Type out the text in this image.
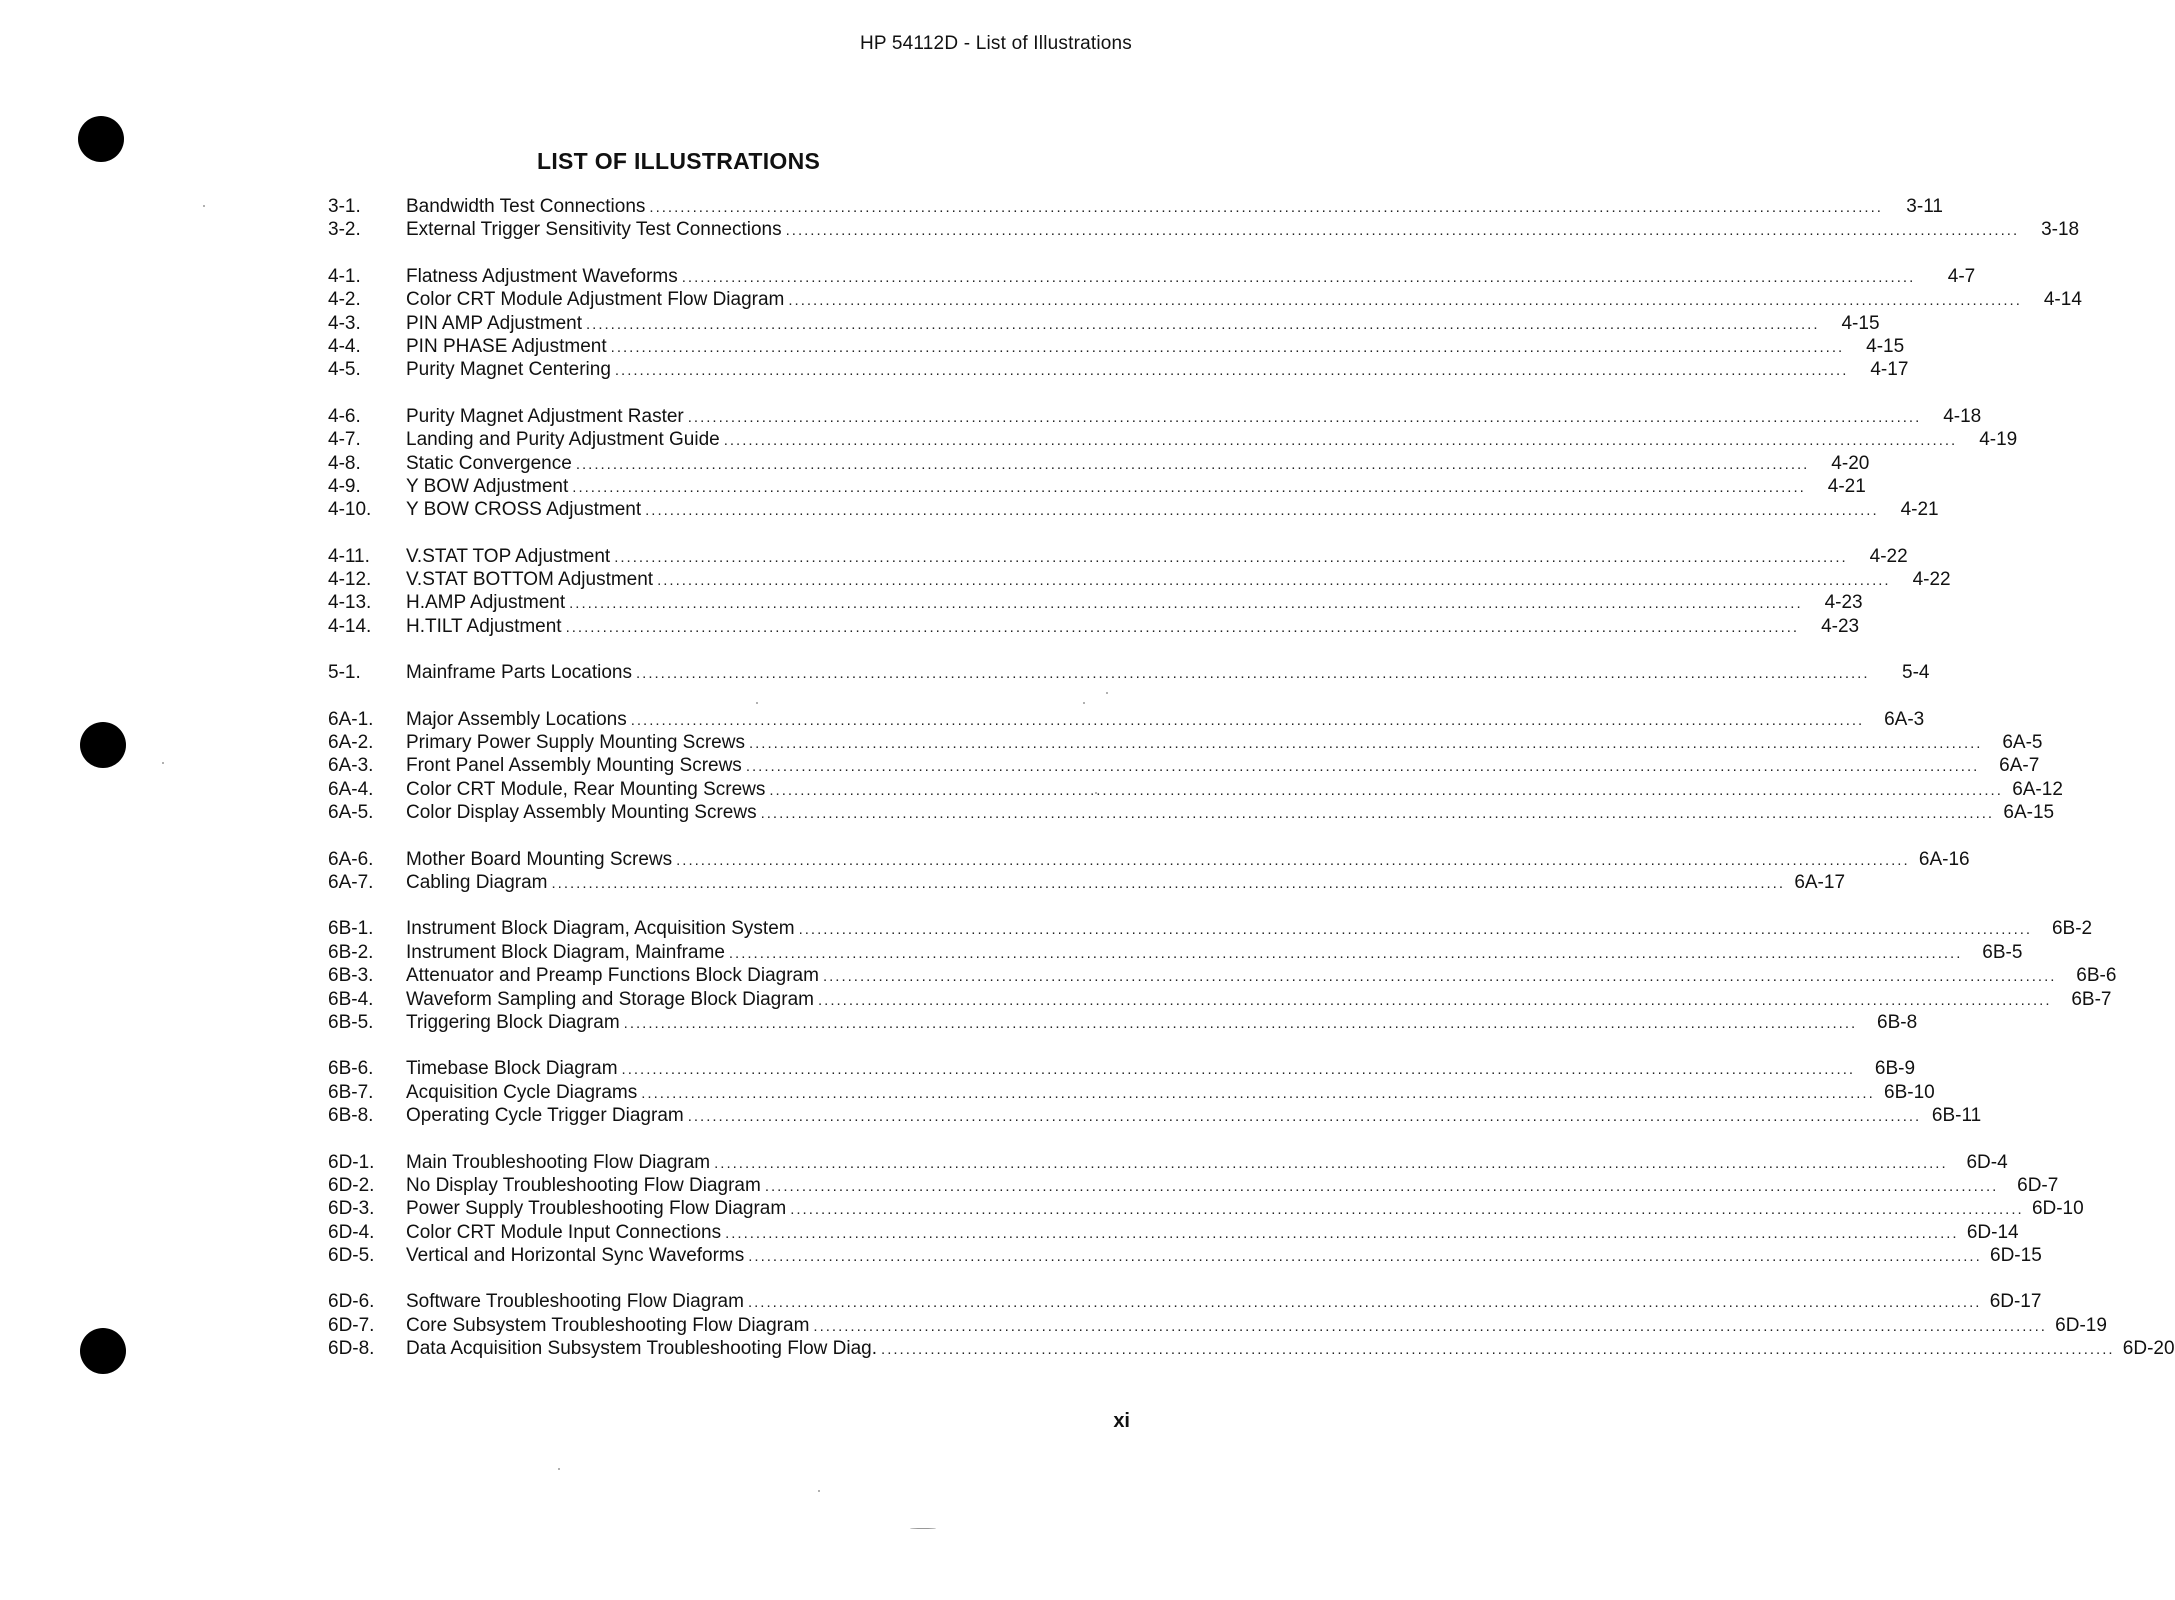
HP 54112D - List of Illustrations
LIST OF ILLUSTRATIONS
3-1.	Bandwidth Test Connections ........................................................................................................................................................................................................	3-11
3-2.	External Trigger Sensitivity Test Connections ........................................................................................................................................................................................................	3-18
4-1.	Flatness Adjustment Waveforms ........................................................................................................................................................................................................	4-7
4-2.	Color CRT Module Adjustment Flow Diagram ........................................................................................................................................................................................................	4-14
4-3.	PIN AMP Adjustment ........................................................................................................................................................................................................	4-15
4-4.	PIN PHASE Adjustment ........................................................................................................................................................................................................	4-15
4-5.	Purity Magnet Centering ........................................................................................................................................................................................................	4-17
4-6.	Purity Magnet Adjustment Raster ........................................................................................................................................................................................................	4-18
4-7.	Landing and Purity Adjustment Guide ........................................................................................................................................................................................................	4-19
4-8.	Static Convergence ........................................................................................................................................................................................................	4-20
4-9.	Y BOW Adjustment ........................................................................................................................................................................................................	4-21
4-10.	Y BOW CROSS Adjustment ........................................................................................................................................................................................................	4-21
4-11.	V.STAT TOP Adjustment ........................................................................................................................................................................................................	4-22
4-12.	V.STAT BOTTOM Adjustment ........................................................................................................................................................................................................	4-22
4-13.	H.AMP Adjustment ........................................................................................................................................................................................................	4-23
4-14.	H.TILT Adjustment ........................................................................................................................................................................................................	4-23
5-1.	Mainframe Parts Locations ........................................................................................................................................................................................................	5-4
6A-1.	Major Assembly Locations ........................................................................................................................................................................................................	6A-3
6A-2.	Primary Power Supply Mounting Screws ........................................................................................................................................................................................................	6A-5
6A-3.	Front Panel Assembly Mounting Screws ........................................................................................................................................................................................................	6A-7
6A-4.	Color CRT Module, Rear Mounting Screws ........................................................................................................................................................................................................ 6A-12
6A-5.	Color Display Assembly Mounting Screws ........................................................................................................................................................................................................ 6A-15
6A-6.	Mother Board Mounting Screws ........................................................................................................................................................................................................ 6A-16
6A-7.	Cabling Diagram ........................................................................................................................................................................................................ 6A-17
6B-1.	Instrument Block Diagram, Acquisition System ........................................................................................................................................................................................................	6B-2
6B-2.	Instrument Block Diagram, Mainframe ........................................................................................................................................................................................................	6B-5
6B-3.	Attenuator and Preamp Functions Block Diagram ........................................................................................................................................................................................................	6B-6
6B-4.	Waveform Sampling and Storage Block Diagram ........................................................................................................................................................................................................	6B-7
6B-5.	Triggering Block Diagram ........................................................................................................................................................................................................	6B-8
6B-6.	Timebase Block Diagram ........................................................................................................................................................................................................	6B-9
6B-7.	Acquisition Cycle Diagrams ........................................................................................................................................................................................................ 6B-10
6B-8.	Operating Cycle Trigger Diagram ........................................................................................................................................................................................................ 6B-11
6D-1.	Main Troubleshooting Flow Diagram ........................................................................................................................................................................................................ 6D-4
6D-2.	No Display Troubleshooting Flow Diagram ........................................................................................................................................................................................................ 6D-7
6D-3.	Power Supply Troubleshooting Flow Diagram ........................................................................................................................................................................................................ 6D-10
6D-4.	Color CRT Module Input Connections ........................................................................................................................................................................................................ 6D-14
6D-5.	Vertical and Horizontal Sync Waveforms ........................................................................................................................................................................................................ 6D-15
6D-6.	Software Troubleshooting Flow Diagram ........................................................................................................................................................................................................ 6D-17
6D-7.	Core Subsystem Troubleshooting Flow Diagram ........................................................................................................................................................................................................ 6D-19
6D-8.	Data Acquisition Subsystem Troubleshooting Flow Diag. ........................................................................................................................................................................................................ 6D-20
xi
